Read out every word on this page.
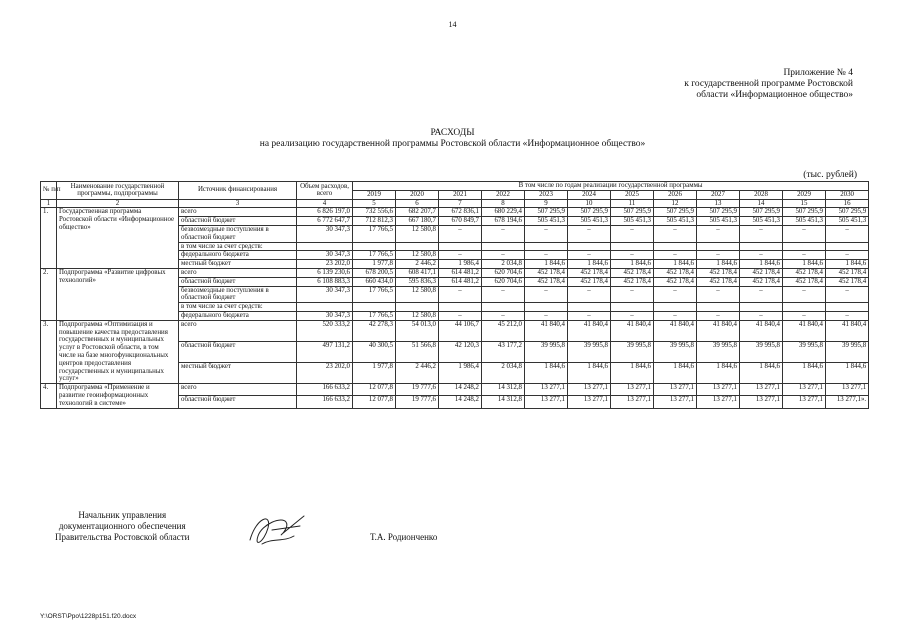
14
Приложение № 4
к государственной программе Ростовской
области «Информационное общество»
РАСХОДЫ
на реализацию государственной программы Ростовской области «Информационное общество»
(тыс. рублей)
№ п/п	Наименование государственной программы, подпрограммы	Источник финансирования	Объем расходов, всего	В том числе по годам реализации государственной программы											
				2019	2020	2021	2022	2023	2024	2025	2026	2027	2028	2029	2030
1	2	3	4	5	6	7	8	9	10	11	12	13	14	15	16
1.	Государственная программа Ростовской области «Информационное общество»	всего	6 826 197,0	732 556,6	682 207,7	672 836,1	680 229,4	507 295,9	507 295,9	507 295,9	507 295,9	507 295,9	507 295,9	507 295,9	507 295,9
		областной бюджет	6 772 647,7	712 812,3	667 180,7	670 849,7	678 194,6	505 451,3	505 451,3	505 451,3	505 451,3	505 451,3	505 451,3	505 451,3	505 451,3
		безвозмездные поступления в областной бюджет	30 347,3	17 766,5	12 580,8	–	–	–	–	–	–	–	–	–	–
		в том числе за счет средств:													
		федерального бюджета	30 347,3	17 766,5	12 580,8	–	–	–	–	–	–	–	–	–	–
		местный бюджет	23 202,0	1 977,8	2 446,2	1 986,4	2 034,8	1 844,6	1 844,6	1 844,6	1 844,6	1 844,6	1 844,6	1 844,6	1 844,6
2.	Подпрограмма «Развитие цифровых технологий»	всего	6 139 230,6	678 200,5	608 417,1	614 481,2	620 704,6	452 178,4	452 178,4	452 178,4	452 178,4	452 178,4	452 178,4	452 178,4	452 178,4
		областной бюджет	6 108 883,3	660 434,0	595 836,3	614 481,2	620 704,6	452 178,4	452 178,4	452 178,4	452 178,4	452 178,4	452 178,4	452 178,4	452 178,4
		безвозмездные поступления в областной бюджет	30 347,3	17 766,5	12 580,8	–	–	–	–	–	–	–	–	–	–
		в том числе за счет средств:													
		федерального бюджета	30 347,3	17 766,5	12 580,8	–	–	–	–	–	–	–	–	–	–
3.	Подпрограмма «Оптимизация и повышение качества предоставления государственных и муниципальных услуг в Ростовской области, в том числе на базе многофункциональных центров предоставления государственных и муниципальных услуг»	всего	520 333,2	42 278,3	54 013,0	44 106,7	45 212,0	41 840,4	41 840,4	41 840,4	41 840,4	41 840,4	41 840,4	41 840,4	41 840,4
		областной бюджет	497 131,2	40 300,5	51 566,8	42 120,3	43 177,2	39 995,8	39 995,8	39 995,8	39 995,8	39 995,8	39 995,8	39 995,8	39 995,8
		местный бюджет	23 202,0	1 977,8	2 446,2	1 986,4	2 034,8	1 844,6	1 844,6	1 844,6	1 844,6	1 844,6	1 844,6	1 844,6	1 844,6
4.	Подпрограмма «Применение и развитие геоинформационных технологий в системе»	всего	166 633,2	12 077,8	19 777,6	14 248,2	14 312,8	13 277,1	13 277,1	13 277,1	13 277,1	13 277,1	13 277,1	13 277,1	13 277,1
		областной бюджет	166 633,2	12 077,8	19 777,6	14 248,2	14 312,8	13 277,1	13 277,1	13 277,1	13 277,1	13 277,1	13 277,1	13 277,1	13 277,1».
Начальник управления
документационного обеспечения
Правительства Ростовской области	Т.А. Родионченко
Y:\ORST\Ppo\1228p151.f20.docx
